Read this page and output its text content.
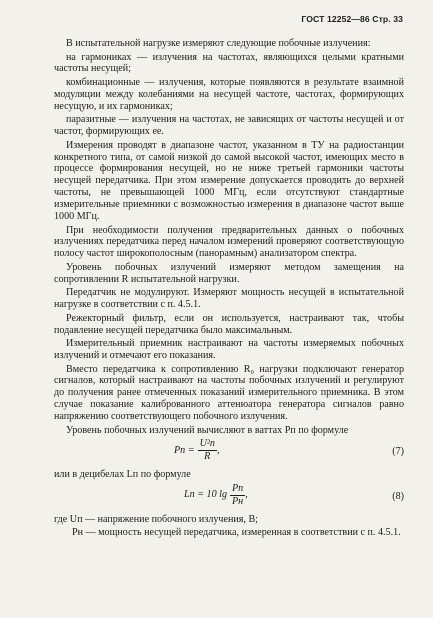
ГОСТ 12252—86 Стр. 33

В испытательной нагрузке измеряют следующие побочные излучения:

на гармониках — излучения на частотах, являющихся целыми кратными частоты несущей;

комбинационные — излучения, которые появляются в результате взаимной модуляции между колебаниями на несущей частоте, частотах, формирующих несущую, и их гармониках;

паразитные — излучения на частотах, не зависящих от частоты несущей и от частот, формирующих ее.

Измерения проводят в диапазоне частот, указанном в ТУ на радиостанции конкретного типа, от самой низкой до самой высокой частот, имеющих место в процессе формирования несущей, но не ниже третьей гармоники частоты несущей передатчика. При этом измерение допускается проводить до верхней частоты, не превышающей 1000 МГц, если отсутствуют стандартные измерительные приемники с возможностью измерения в диапазоне частот выше 1000 МГц.

При необходимости получения предварительных данных о побочных излучениях передатчика перед началом измерений проверяют соответствующую полосу частот широкополосным (панорамным) анализатором спектра.

Уровень побочных излучений измеряют методом замещения на сопротивлении R испытательной нагрузки.

Передатчик не модулируют. Измеряют мощность несущей в испытательной нагрузке в соответствии с п. 4.5.1.

Режекторный фильтр, если он используется, настраивают так, чтобы подавление несущей передатчика было максимальным.

Измерительный приемник настраивают на частоты измеряемых побочных излучений и отмечают его показания.

Вместо передатчика к сопротивлению R₀ нагрузки подключают генератор сигналов, который настраивают на частоты побочных излучений и регулируют до получения ранее отмеченных показаний измерительного приемника. В этом случае показание калиброванного аттенюатора генератора сигналов равно напряжению соответствующего побочного излучения.

Уровень побочных излучений вычисляют в ваттах Pп по формуле

Pп = $\frac{\text{U²п}}{R}$ ,	(7)

или в децибелах Lп по формуле

Lп = 10 $\lg \frac{Pп}{Pн}$ ,	(8)

где Uп — напряжение побочного излучения, В;

Pн — мощность несущей передатчика, измеренная в соответствии с п. 4.5.1.
